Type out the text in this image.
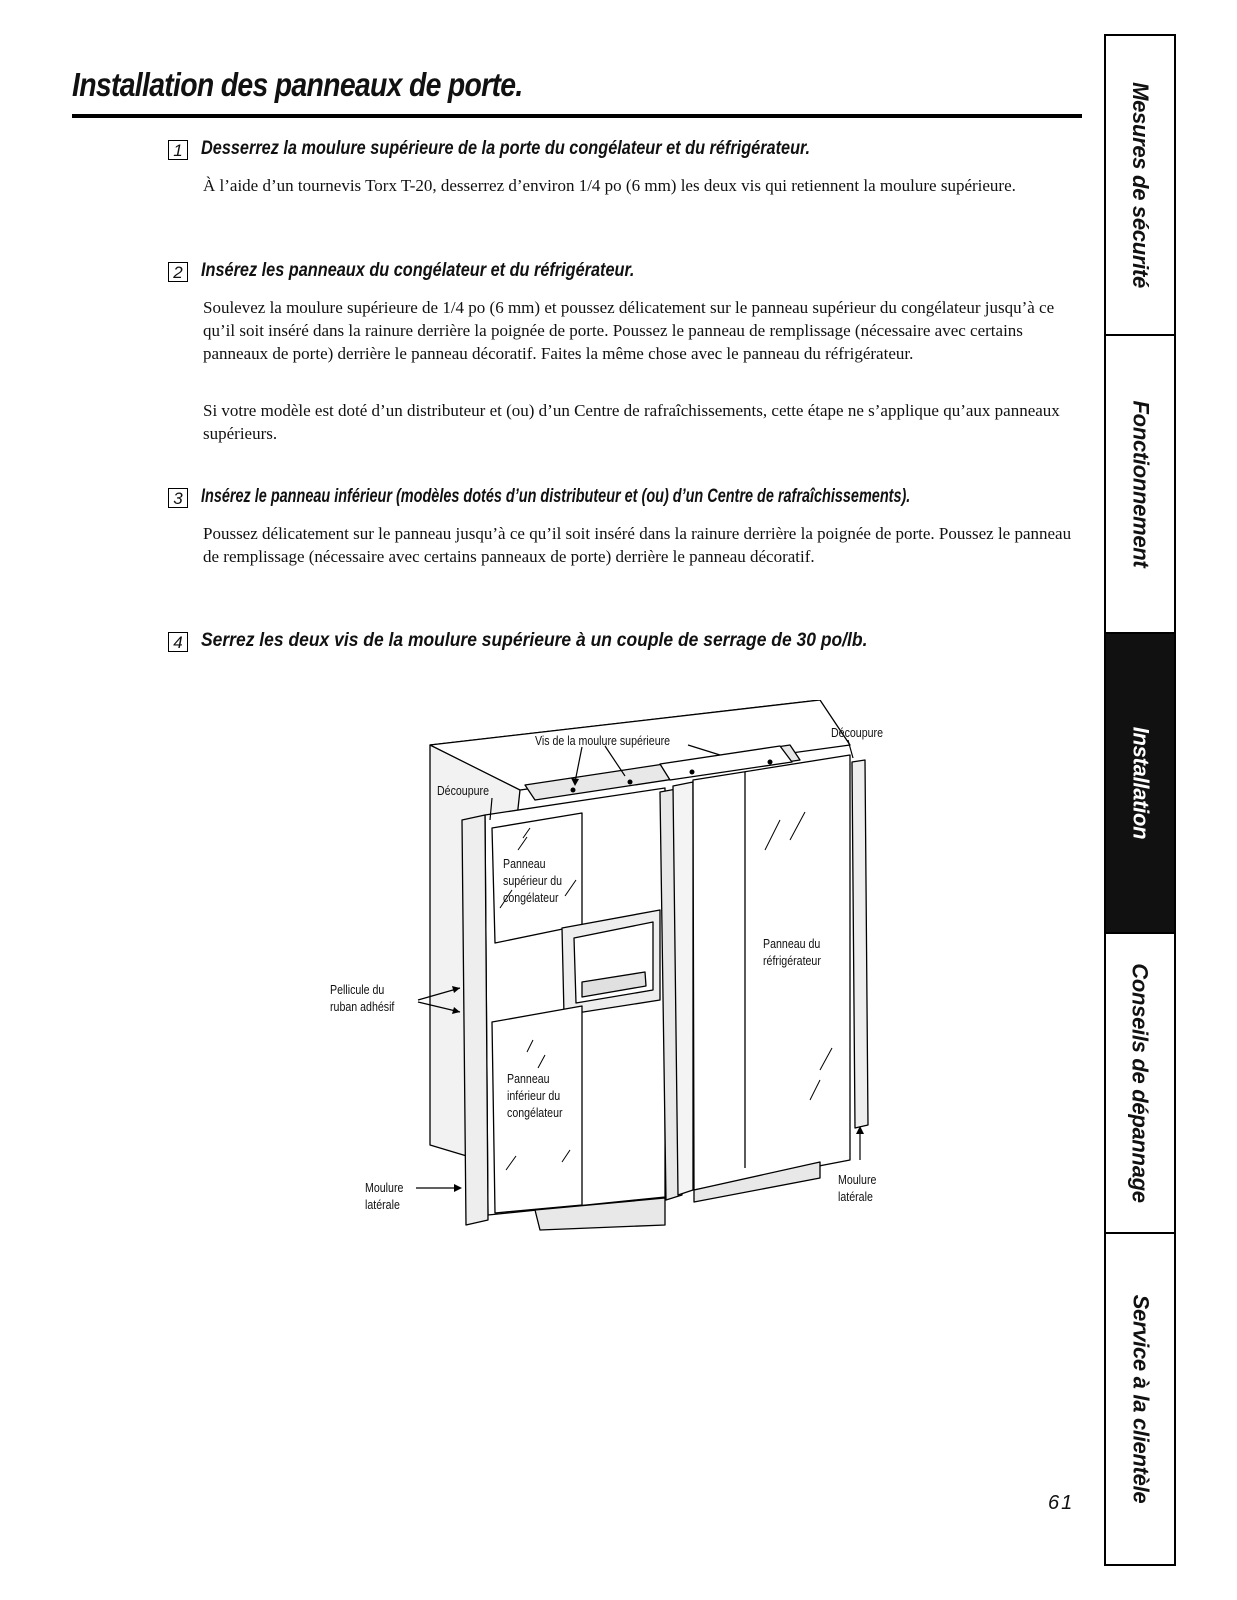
Installation des panneaux de porte.
1 Desserrez la moulure supérieure de la porte du congélateur et du réfrigérateur.

À l’aide d’un tournevis Torx T-20, desserrez d’environ 1/4 po (6 mm) les deux vis qui retiennent la moulure supérieure.

2 Insérez les panneaux du congélateur et du réfrigérateur.

Soulevez la moulure supérieure de 1/4 po (6 mm) et poussez délicatement sur le panneau supérieur du congélateur jusqu’à ce qu’il soit inséré dans la rainure derrière la poignée de porte. Poussez le panneau de remplissage (nécessaire avec certains panneaux de porte) derrière le panneau décoratif. Faites la même chose avec le panneau du réfrigérateur.

Si votre modèle est doté d’un distributeur et (ou) d’un Centre de rafraîchissements, cette étape ne s’applique qu’aux panneaux supérieurs.

3 Insérez le panneau inférieur (modèles dotés d’un distributeur et (ou) d’un Centre de rafraîchissements).

Poussez délicatement sur le panneau jusqu’à ce qu’il soit inséré dans la rainure derrière la poignée de porte. Poussez le panneau de remplissage (nécessaire avec certains panneaux de porte) derrière le panneau décoratif.

4 Serrez les deux vis de la moulure supérieure à un couple de serrage de 30 po/lb.
Vis de la moulure supérieure
Découpure
Découpure
Panneau
supérieur du
congélateur
Panneau du
réfrigérateur
Pellicule du
ruban adhésif
Panneau
inférieur du
congélateur
Moulure
latérale
Moulure
latérale
Mesures de sécurité
Fonctionnement
Installation
Conseils de dépannage
Service à la clientèle
61
